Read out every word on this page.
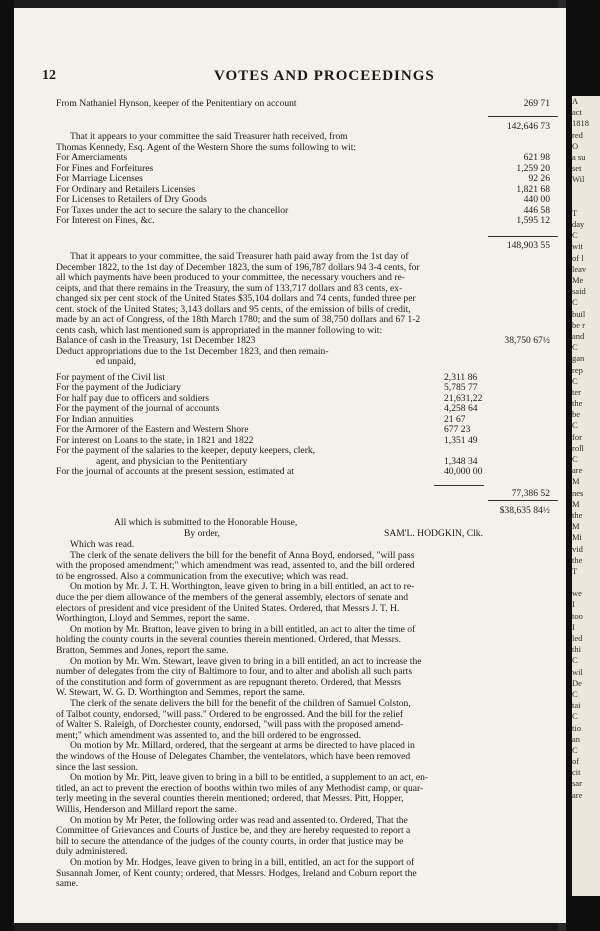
A
act
1818
red
O
a su
set
Wil
T
day
C
wit
of l
leav
Me
said
C
buil
be r
and
C
gan
rep
C
ter
the
be
C
for
roll
C
are
M
nes
M
the
M
Mi
vid
the
T
we
I
too
I
led
thi
C
wil
De
C
tai
C
tio
an
C
of
cit
sar
are
12	VOTES AND PROCEEDINGS
From Nathaniel Hynson, keeper of the Penitentiary on account	269 71
142,646 73
That it appears to your committee the said Treasurer hath received, from
Thomas Kennedy, Esq. Agent of the Western Shore the sums following to wit:
For Amerciaments	621 98
For Fines and Forfeitures	1,259 20
For Marriage Licenses	92 26
For Ordinary and Retailers Licenses	1,821 68
For Licenses to Retailers of Dry Goods	440 00
For Taxes under the act to secure the salary to the chancellor	446 58
For Interest on Fines, &c.	1,595 12
148,903 55
That it appears to your committee, the said Treasurer hath paid away from the 1st day of
December 1822, to the 1st day of December 1823, the sum of 196,787 dollars 94 3-4 cents, for
all which payments have been produced to your committee, the necessary vouchers and re-
ceipts, and that there remains in the Treasury, the sum of 133,717 dollars and 83 cents, ex-
changed six per cent stock of the United States $35,104 dollars and 74 cents, funded three per
cent. stock of the United States; 3,143 dollars and 95 cents, of the emission of bills of credit,
made by an act of Congress, of the 18th March 1780; and the sum of 38,750 dollars and 67 1-2
cents cash, which last mentioned sum is appropriated in the manner following to wit:
Balance of cash in the Treasury, 1st December 1823	38,750 67½
Deduct appropriations due to the 1st December 1823, and then remain-
ed unpaid,
For payment of the Civil list	2,311 86
For the payment of the Judiciary	5,785 77
For half pay due to officers and soldiers	21,631,22
For the payment of the journal of accounts	4,258 64
For Indian annuities	21 67
For the Armorer of the Eastern and Western Shore	677 23
For interest on Loans to the state, in 1821 and 1822	1,351 49
For the payment of the salaries to the keeper, deputy keepers, clerk,
agent, and physician to the Penitentiary	1,348 34
For the journal of accounts at the present session, estimated at	40,000 00
77,386 52
$38,635 84½
All which is submitted to the Honorable House,
By order,	SAM'L. HODGKIN, Clk.
Which was read.
The clerk of the senate delivers the bill for the benefit of Anna Boyd, endorsed, "will pass
with the proposed amendment;" which amendment was read, assented to, and the bill ordered
to be engrossed. Also a communication from the executive; which was read.
On motion by Mr. J. T. H. Worthington, leave given to bring in a bill entitled, an act to re-
duce the per diem allowance of the members of the general assembly, electors of senate and
electors of president and vice president of the United States. Ordered, that Messrs J. T. H.
Worthington, Lloyd and Semmes, report the same.
On motion by Mr. Bratton, leave given to bring in a bill entitled, an act to alter the time of
holding the county courts in the several counties therein mentioned. Ordered, that Messrs.
Bratton, Semmes and Jones, report the same.
On motion by Mr. Wm. Stewart, leave given to bring in a bill entitled, an act to increase the
number of delegates from the city of Baltimore to four, and to alter and abolish all such parts
of the constitution and form of government as are repugnant thereto. Ordered, that Messrs
W. Stewart, W. G. D. Worthington and Semmes, report the same.
The clerk of the senate delivers the bill for the benefit of the children of Samuel Colston,
of Talbot county, endorsed, "will pass." Ordered to be engrossed. And the bill for the relief
of Walter S. Raleigh, of Dorchester county, endorsed, "will pass with the proposed amend-
ment;" which amendment was assented to, and the bill ordered to be engrossed.
On motion by Mr. Millard, ordered, that the sergeant at arms be directed to have placed in
the windows of the House of Delegates Chamber, the ventelators, which have been removed
since the last session.
On motion by Mr. Pitt, leave given to bring in a bill to be entitled, a supplement to an act, en-
titled, an act to prevent the erection of booths within two miles of any Methodist camp, or quar-
terly meeting in the several counties therein mentioned; ordered, that Messrs. Pitt, Hopper,
Willis, Henderson and Millard report the same.
On motion by Mr Peter, the following order was read and assented to. Ordered, That the
Committee of Grievances and Courts of Justice be, and they are hereby requested to report a
bill to secure the attendance of the judges of the county courts, in order that justice may be
duly administered.
On motion by Mr. Hodges, leave given to bring in a bill, entitled, an act for the support of
Susannah Jomer, of Kent county; ordered, that Messrs. Hodges, Ireland and Coburn report the
same.
